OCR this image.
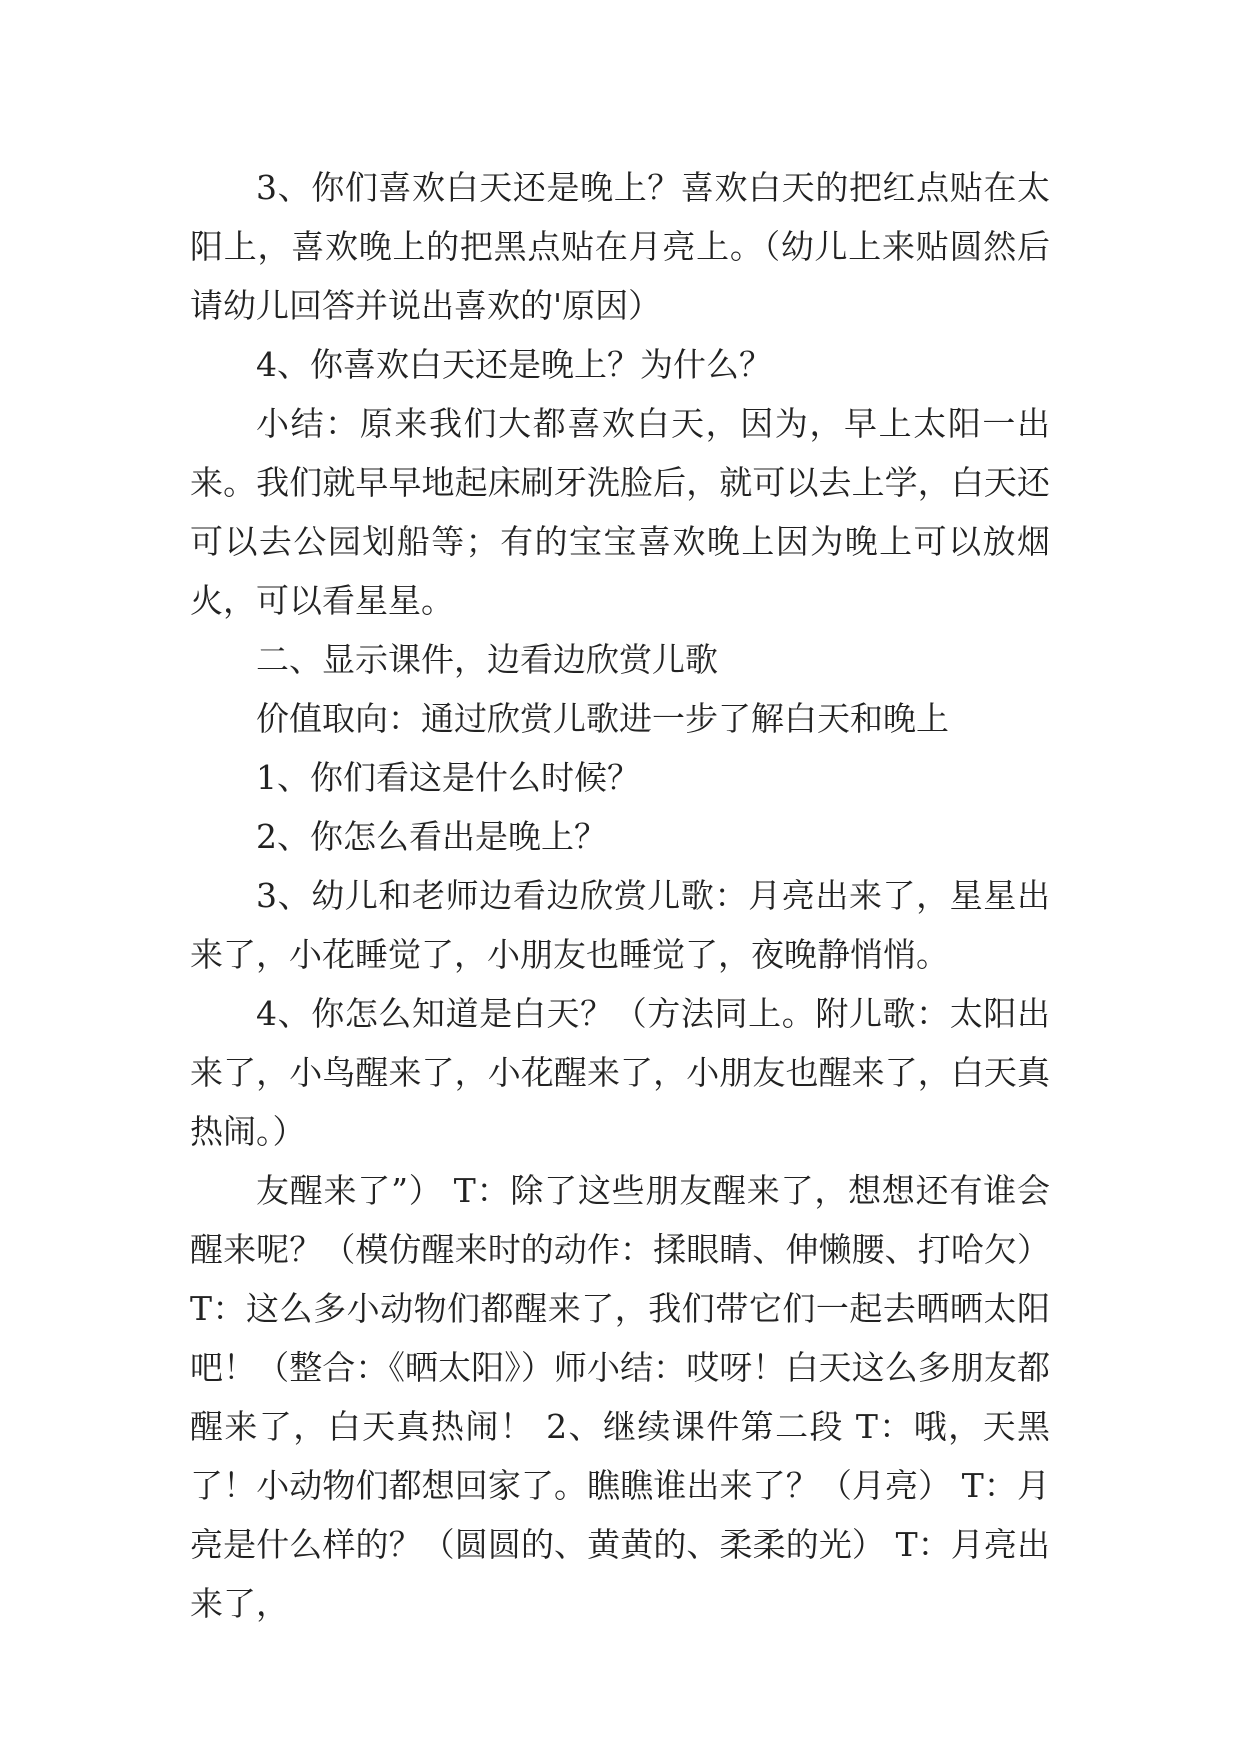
3、你们喜欢白天还是晚上？喜欢白天的把红点贴在太阳上，喜欢晚上的把黑点贴在月亮上。（幼儿上来贴圆然后请幼儿回答并说出喜欢的'原因）

4、你喜欢白天还是晚上？为什么？

小结：原来我们大都喜欢白天，因为，早上太阳一出来。我们就早早地起床刷牙洗脸后，就可以去上学，白天还可以去公园划船等；有的宝宝喜欢晚上因为晚上可以放烟火，可以看星星。

二、显示课件，边看边欣赏儿歌

价值取向：通过欣赏儿歌进一步了解白天和晚上

1、你们看这是什么时候？

2、你怎么看出是晚上？

3、幼儿和老师边看边欣赏儿歌：月亮出来了，星星出来了，小花睡觉了，小朋友也睡觉了，夜晚静悄悄。

4、你怎么知道是白天？（方法同上。附儿歌：太阳出来了，小鸟醒来了，小花醒来了，小朋友也醒来了，白天真热闹。）

友醒来了”） T：除了这些朋友醒来了，想想还有谁会醒来呢？（模仿醒来时的动作：揉眼睛、伸懒腰、打哈欠） T：这么多小动物们都醒来了，我们带它们一起去晒晒太阳吧！（整合：《晒太阳》）师小结：哎呀！白天这么多朋友都醒来了，白天真热闹！ 2、继续课件第二段 T：哦，天黑了！小动物们都想回家了。瞧瞧谁出来了？（月亮） T：月亮是什么样的？（圆圆的、黄黄的、柔柔的光） T：月亮出来了，
